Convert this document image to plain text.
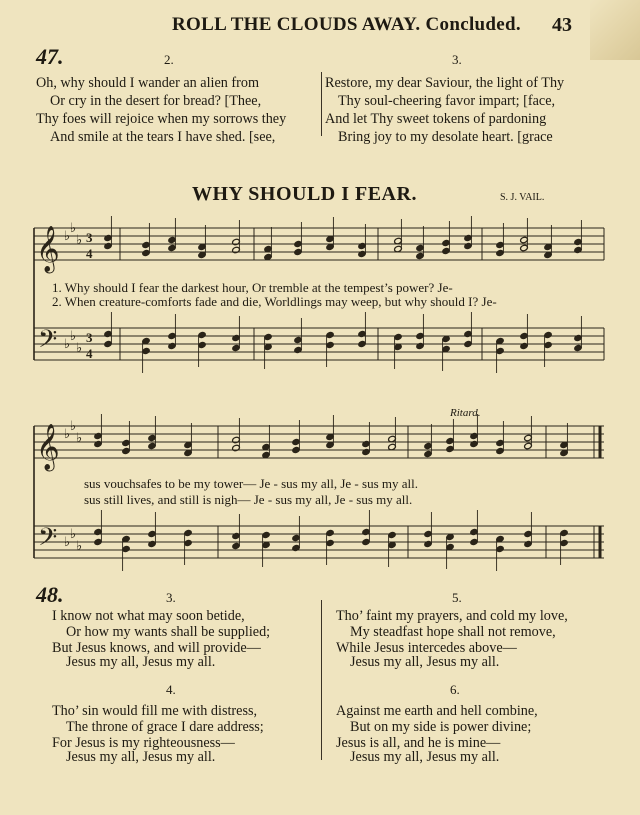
ROLL THE CLOUDS AWAY. Concluded. 43
47.	2.	3.
Oh, why should I wander an alien from
Or cry in the desert for bread? [Thee,
Thy foes will rejoice when my sorrows they
And smile at the tears I have shed. [see,
Restore, my dear Saviour, the light of Thy
Thy soul-cheering favor impart; [face,
And let Thy sweet tokens of pardoning
Bring joy to my desolate heart. [grace
WHY SHOULD I FEAR.	S. J. VAIL.
𝄞
𝄢
𝄞
𝄢
♭
♭
♭
♭
♭
♭
♭
♭
♭
♭
♭
♭
3
4
3
4
1. Why should I fear the darkest hour, Or tremble at the tempest’s power? Je-
2. When creature-comforts fade and die, Worldlings may weep, but why should I? Je-
Ritard.
sus vouchsafes to be my tower— Je - sus my all, Je - sus my all.
sus still lives, and still is nigh— Je - sus my all, Je - sus my all.
48.	3.	5.
I know not what may soon betide,
Or how my wants shall be supplied;
But Jesus knows, and will provide—
Jesus my all, Jesus my all.
Tho’ faint my prayers, and cold my love,
My steadfast hope shall not remove,
While Jesus intercedes above—
Jesus my all, Jesus my all.
4.	6.
Tho’ sin would fill me with distress,
The throne of grace I dare address;
For Jesus is my righteousness—
Jesus my all, Jesus my all.
Against me earth and hell combine,
But on my side is power divine;
Jesus is all, and he is mine—
Jesus my all, Jesus my all.
